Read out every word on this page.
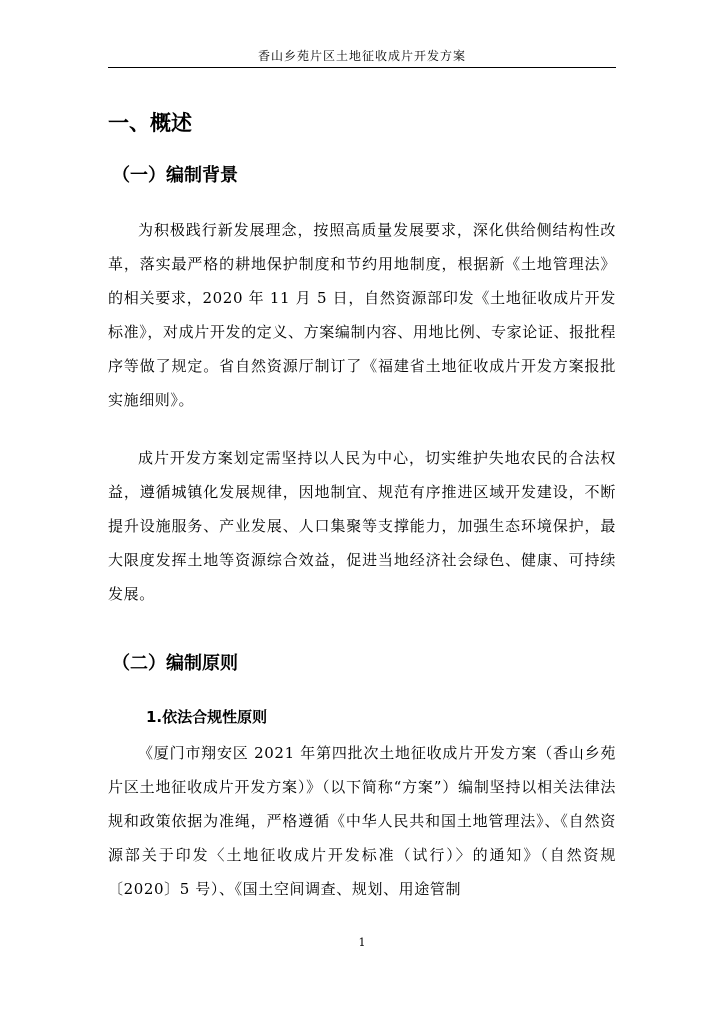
香山乡苑片区土地征收成片开发方案
一、概述
（一）编制背景

为积极践行新发展理念，按照高质量发展要求，深化供给侧结构性改革，落实最严格的耕地保护制度和节约用地制度，根据新《土地管理法》的相关要求，2020 年 11 月 5 日，自然资源部印发《土地征收成片开发标准》，对成片开发的定义、方案编制内容、用地比例、专家论证、报批程序等做了规定。省自然资源厅制订了《福建省土地征收成片开发方案报批实施细则》。

成片开发方案划定需坚持以人民为中心，切实维护失地农民的合法权益，遵循城镇化发展规律，因地制宜、规范有序推进区域开发建设，不断提升设施服务、产业发展、人口集聚等支撑能力，加强生态环境保护，最大限度发挥土地等资源综合效益，促进当地经济社会绿色、健康、可持续发展。

（二）编制原则
1.依法合规性原则

《厦门市翔安区 2021 年第四批次土地征收成片开发方案（香山乡苑片区土地征收成片开发方案）》（以下简称“方案”）编制坚持以相关法律法规和政策依据为准绳，严格遵循《中华人民共和国土地管理法》、《自然资源部关于印发〈土地征收成片开发标准（试行）〉的通知》（自然资规〔2020〕5 号）、《国土空间调查、规划、用途管制

1
